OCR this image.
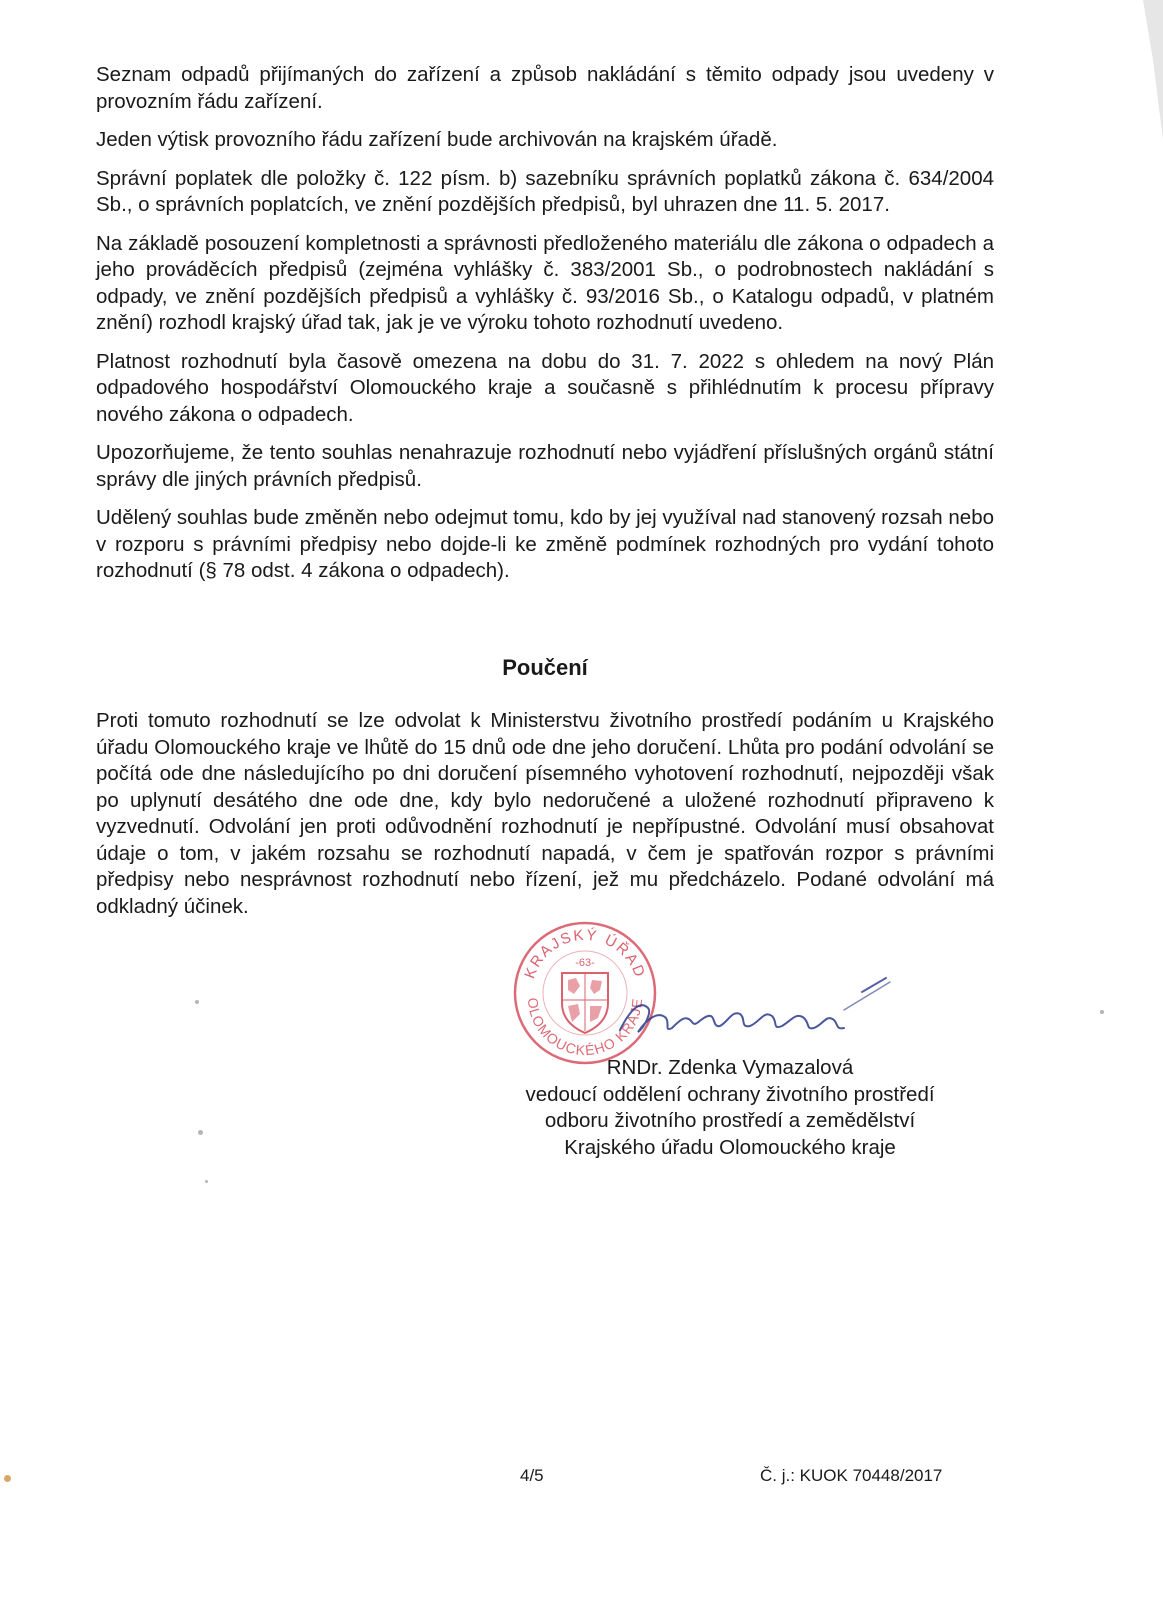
Seznam odpadů přijímaných do zařízení a způsob nakládání s těmito odpady jsou uvedeny v provozním řádu zařízení.

Jeden výtisk provozního řádu zařízení bude archivován na krajském úřadě.

Správní poplatek dle položky č. 122 písm. b) sazebníku správních poplatků zákona č. 634/2004 Sb., o správních poplatcích, ve znění pozdějších předpisů, byl uhrazen dne 11. 5. 2017.

Na základě posouzení kompletnosti a správnosti předloženého materiálu dle zákona o odpadech a jeho prováděcích předpisů (zejména vyhlášky č. 383/2001 Sb., o podrobnostech nakládání s odpady, ve znění pozdějších předpisů a vyhlášky č. 93/2016 Sb., o Katalogu odpadů, v platném znění) rozhodl krajský úřad tak, jak je ve výroku tohoto rozhodnutí uvedeno.

Platnost rozhodnutí byla časově omezena na dobu do 31. 7. 2022 s ohledem na nový Plán odpadového hospodářství Olomouckého kraje a současně s přihlédnutím k procesu přípravy nového zákona o odpadech.

Upozorňujeme, že tento souhlas nenahrazuje rozhodnutí nebo vyjádření příslušných orgánů státní správy dle jiných právních předpisů.

Udělený souhlas bude změněn nebo odejmut tomu, kdo by jej využíval nad stanovený rozsah nebo v rozporu s právními předpisy nebo dojde-li ke změně podmínek rozhodných pro vydání tohoto rozhodnutí (§ 78 odst. 4 zákona o odpadech).

Poučení

Proti tomuto rozhodnutí se lze odvolat k Ministerstvu životního prostředí podáním u Krajského úřadu Olomouckého kraje ve lhůtě do 15 dnů ode dne jeho doručení. Lhůta pro podání odvolání se počítá ode dne následujícího po dni doručení písemného vyhotovení rozhodnutí, nejpozději však po uplynutí desátého dne ode dne, kdy bylo nedoručené a uložené rozhodnutí připraveno k vyzvednutí. Odvolání jen proti odůvodnění rozhodnutí je nepřípustné. Odvolání musí obsahovat údaje o tom, v jakém rozsahu se rozhodnutí napadá, v čem je spatřován rozpor s právními předpisy nebo nesprávnost rozhodnutí nebo řízení, jež mu předcházelo. Podané odvolání má odkladný účinek.

KRAJSKÝ ÚŘAD
OLOMOUCKÉHO KRAJE
-63-
RNDr. Zdenka Vymazalová
vedoucí oddělení ochrany životního prostředí
odboru životního prostředí a zemědělství
Krajského úřadu Olomouckého kraje
4/5	Č. j.: KUOK 70448/2017
